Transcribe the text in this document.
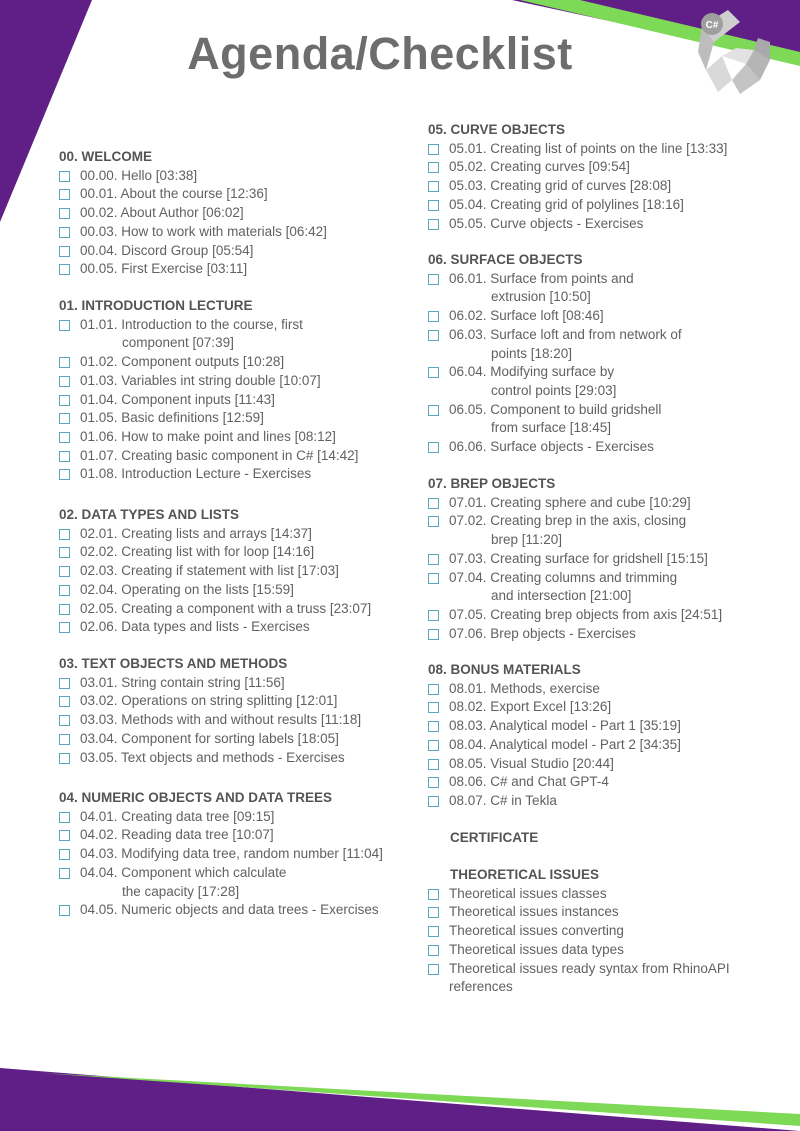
C#
Agenda/Checklist
00. WELCOME
00.00. Hello [03:38]
00.01. About the course [12:36]
00.02. About Author [06:02]
00.03. How to work with materials [06:42]
00.04. Discord Group [05:54]
00.05. First Exercise [03:11]
01. INTRODUCTION LECTURE
01.01. Introduction to the course, first
component [07:39]
01.02. Component outputs [10:28]
01.03. Variables int string double [10:07]
01.04. Component inputs [11:43]
01.05. Basic definitions [12:59]
01.06. How to make point and lines [08:12]
01.07. Creating basic component in C# [14:42]
01.08. Introduction Lecture - Exercises
02. DATA TYPES AND LISTS
02.01. Creating lists and arrays [14:37]
02.02. Creating list with for loop [14:16]
02.03. Creating if statement with list [17:03]
02.04. Operating on the lists [15:59]
02.05. Creating a component with a truss [23:07]
02.06. Data types and lists - Exercises
03. TEXT OBJECTS AND METHODS
03.01. String contain string [11:56]
03.02. Operations on string splitting [12:01]
03.03. Methods with and without results [11:18]
03.04. Component for sorting labels [18:05]
03.05. Text objects and methods - Exercises
04. NUMERIC OBJECTS AND DATA TREES
04.01. Creating data tree [09:15]
04.02. Reading data tree [10:07]
04.03. Modifying data tree, random number [11:04]
04.04. Component which calculate
the capacity [17:28]
04.05. Numeric objects and data trees - Exercises
05. CURVE OBJECTS
05.01. Creating list of points on the line [13:33]
05.02. Creating curves [09:54]
05.03. Creating grid of curves [28:08]
05.04. Creating grid of polylines [18:16]
05.05. Curve objects - Exercises
06. SURFACE OBJECTS
06.01. Surface from points and
extrusion [10:50]
06.02. Surface loft [08:46]
06.03. Surface loft and from network of
points [18:20]
06.04. Modifying surface by
control points [29:03]
06.05. Component to build gridshell
from surface [18:45]
06.06. Surface objects - Exercises
07. BREP OBJECTS
07.01. Creating sphere and cube [10:29]
07.02. Creating brep in the axis, closing
brep [11:20]
07.03. Creating surface for gridshell [15:15]
07.04. Creating columns and trimming
and intersection [21:00]
07.05. Creating brep objects from axis [24:51]
07.06. Brep objects - Exercises
08. BONUS MATERIALS
08.01. Methods, exercise
08.02. Export Excel [13:26]
08.03. Analytical model - Part 1 [35:19]
08.04. Analytical model - Part 2 [34:35]
08.05. Visual Studio [20:44]
08.06. C# and Chat GPT-4
08.07. C# in Tekla
CERTIFICATE
THEORETICAL ISSUES
Theoretical issues classes
Theoretical issues instances
Theoretical issues converting
Theoretical issues data types
Theoretical issues ready syntax from RhinoAPI
references
